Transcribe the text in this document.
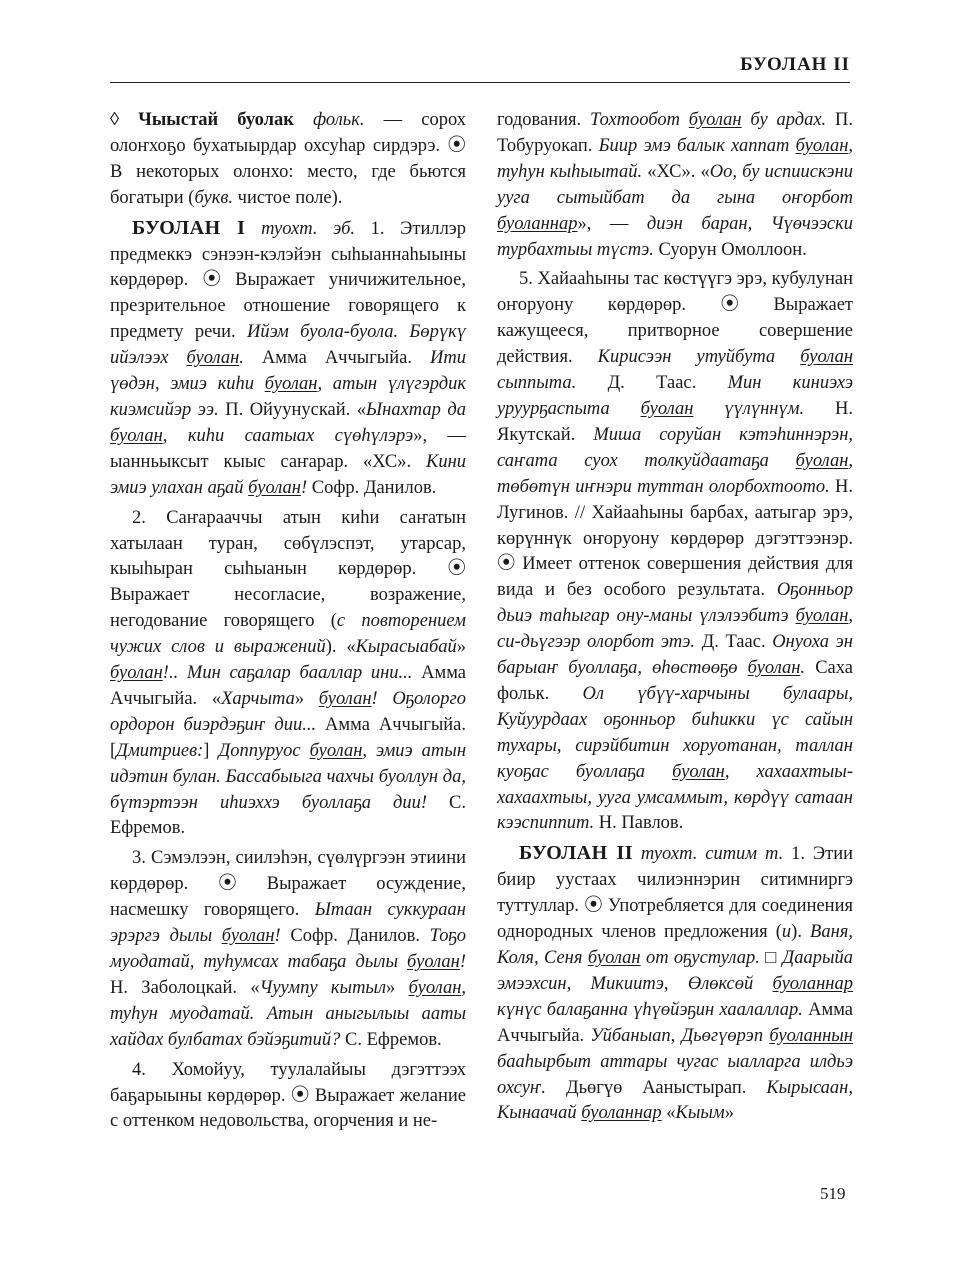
БУОЛАН II

◊ Чыыстай буолак фольк. — сорох олоҥхоҕо бухатыырдар охсуһар сирдэрэ. ⦿ В некоторых олонхо: место, где бьются богатыри (букв. чистое поле).

БУОЛАН I туохт. эб. 1. Этиллэр предмеккэ сэнээн-кэлэйэн сыһыаннаһыыны көрдөрөр. ⦿ Выражает уничижительное, презрительное отношение говорящего к предмету речи. Ийэм буола-буола. Бөрүкү ийэлээх буолан. Амма Аччыгыйа. Ити үөдэн, эмиэ киһи буолан, атын үлүгэрдик киэмсийэр ээ. П. Ойуунускай. «Ынахтар да буолан, киһи саатыах сүөһүлэрэ», — ыанньыксыт кыыс саҥарар. «ХС». Кини эмиэ улахан аҕай буолан! Софр. Данилов.

2. Саҥарааччы атын киһи саҥатын хатылаан туран, сөбүлэспэт, утарсар, кыыһыран сыһыанын көрдөрөр. ⦿ Выражает несогласие, возражение, негодование говорящего (с повторением чужих слов и выражений). «Кырасыабай» буолан!.. Мин саҕалар бааллар ини... Амма Аччыгыйа. «Харчыта» буолан! Оҕолорго ордорон биэрдэҕиҥ дии... Амма Аччыгыйа. [Дмитриев:] Доппуруос буолан, эмиэ атын идэтин булан. Бассабыыга чахчы буоллун да, бүтэртээн иһиэххэ буоллаҕа дии! С. Ефремов.

3. Сэмэлээн, сиилэһэн, сүөлүргээн этиини көрдөрөр. ⦿ Выражает осуждение, насмешку говорящего. Ытаан суккураан эрэргэ дылы буолан! Софр. Данилов. Тоҕо муодатай, туһумсах табаҕа дылы буолан! Н. Заболоцкай. «Чуумпу кытыл» буолан, туһун муодатай. Атын аныгылыы ааты хайдах булбатах бэйэҕитий? С. Ефремов.

4. Хомойуу, туулалайыы дэгэттээх баҕарыыны көрдөрөр. ⦿ Выражает желание с оттенком недовольства, огорчения и не-

годования. Тохтообот буолан бу ардах. П. Тобуруокап. Биир эмэ балык хаппат буолан, туһун кыһыытай. «ХС». «Оо, бу испиискэни ууга сытыйбат да гына оҥорбот буоланнар», — диэн баран, Чүөчээски турбахтыы түстэ. Суорун Омоллоон.

5. Хайааһыны тас көстүүгэ эрэ, кубулунан оҥоруону көрдөрөр. ⦿ Выражает кажущееся, притворное совершение действия. Кирисээн утуйбута буолан сыппыта. Д. Таас. Мин киниэхэ уруурҕаспыта буолан үүлүннүм. Н. Якутскай. Миша соруйан кэтэһиннэрэн, саҥата суох толкуйдаатаҕа буолан, төбөтүн иҥнэри туттан олорбохтоото. Н. Лугинов. // Хайааһыны барбах, аатыгар эрэ, көрүннүк оҥоруону көрдөрөр дэгэттээнэр. ⦿ Имеет оттенок совершения действия для вида и без особого результата. Оҕонньор дьиэ таһыгар ону-маны үлэлээбитэ буолан, си-дьүгээр олорбот этэ. Д. Таас. Онуоха эн барыаҥ буоллаҕа, өһөстөөҕө буолан. Саха фольк. Ол үбүү-харчыны булаары, Куйуурдаах оҕонньор биһикки үс сайын тухары, сирэйбитин хоруотанан, таллан куоҕас буоллаҕа буолан, хахаахтыы-хахаахтыы, ууга умсаммыт, көрдүү сатаан кээспиппит. Н. Павлов.

БУОЛАН II туохт. ситим т. 1. Этии биир уустаах чилиэннэрин ситимниргэ туттуллар. ⦿ Употребляется для соединения однородных членов предложения (и). Ваня, Коля, Сеня буолан от оҕустулар. □ Даарыйа эмээхсин, Микиитэ, Өлөксөй буоланнар күнүс балаҕанна үһүөйэҕин хаалаллар. Амма Аччыгыйа. Уйбаныап, Дьөгүөрэп буоланнын бааһырбыт аттары чугас ыалларга илдьэ охсуҥ. Дьөгүө Ааныстырап. Кырысаан, Кынаачай буоланнар «Кыым»

519
